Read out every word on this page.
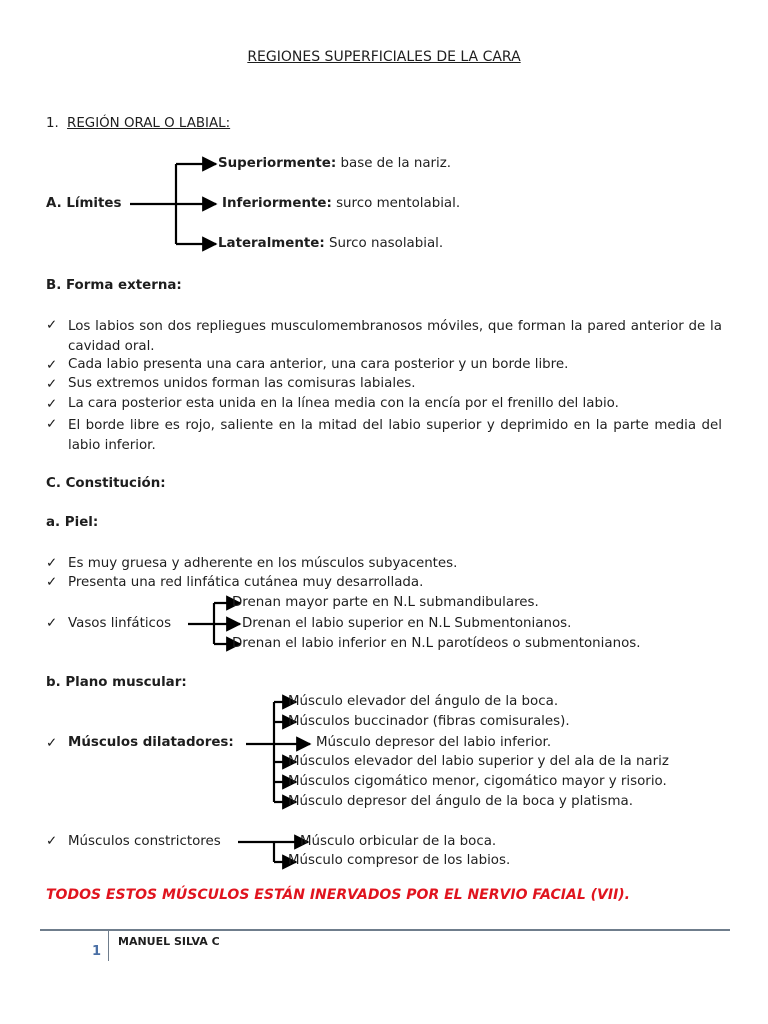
REGIONES SUPERFICIALES DE LA CARA
1. REGIÓN ORAL O LABIAL:
A. Límites
Superiormente: base de la nariz.
Inferiormente: surco mentolabial.
Lateralmente: Surco nasolabial.
B. Forma externa:
✓ Los labios son dos repliegues musculomembranosos móviles, que forman la pared anterior de la cavidad oral.
✓ Cada labio presenta una cara anterior, una cara posterior y un borde libre.
✓ Sus extremos unidos forman las comisuras labiales.
✓ La cara posterior esta unida en la línea media con la encía por el frenillo del labio.
✓ El borde libre es rojo, saliente en la mitad del labio superior y deprimido en la parte media del labio inferior.
C. Constitución:
a. Piel:
✓ Es muy gruesa y adherente en los músculos subyacentes.
✓ Presenta una red linfática cutánea muy desarrollada.
✓ Vasos linfáticos
Drenan mayor parte en N.L submandibulares.
Drenan el labio superior en N.L Submentonianos.
Drenan el labio inferior en N.L parotídeos o submentonianos.
b. Plano muscular:
✓ Músculos dilatadores:
Músculo elevador del ángulo de la boca.
Músculos buccinador (fibras comisurales).
Músculo depresor del labio inferior.
Músculos elevador del labio superior y del ala de la nariz
Músculos cigomático menor, cigomático mayor y risorio.
Músculo depresor del ángulo de la boca y platisma.
✓ Músculos constrictores	Músculo orbicular de la boca.
Músculo compresor de los labios.
TODOS ESTOS MÚSCULOS ESTÁN INERVADOS POR EL NERVIO FACIAL (VII).
1
MANUEL SILVA C
